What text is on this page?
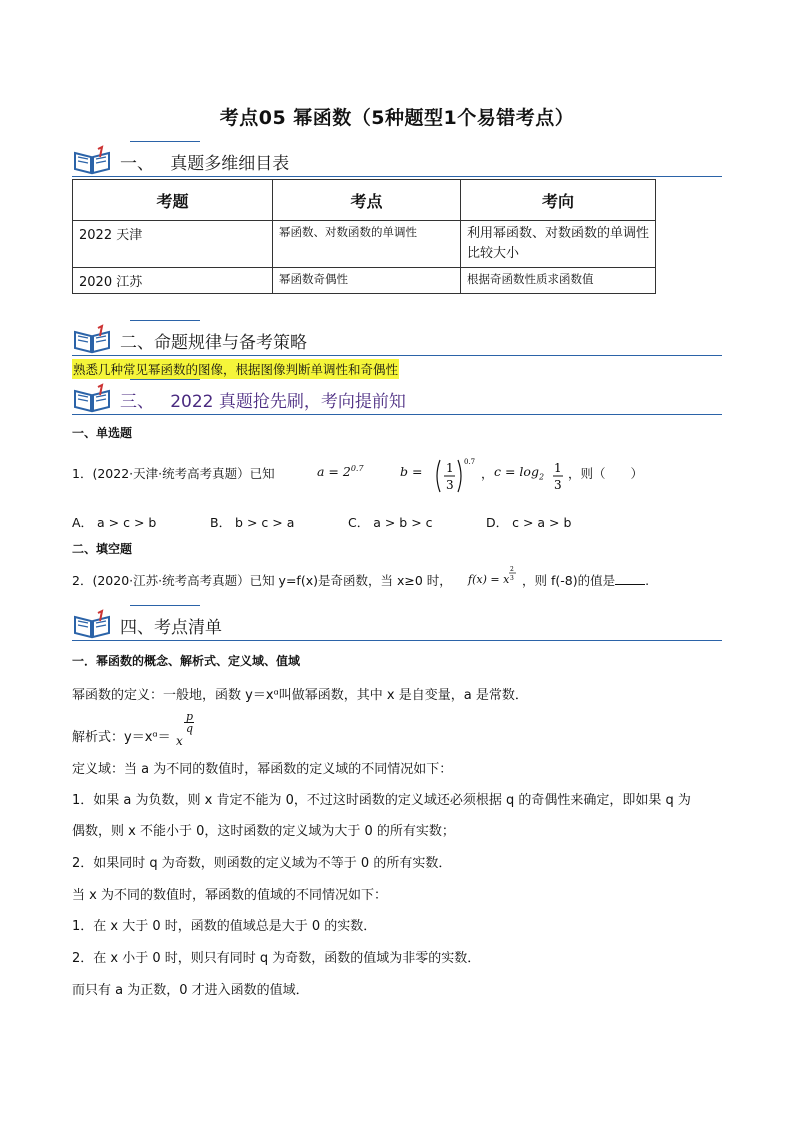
考点05 幂函数（5种题型1个易错考点）
一、 真题多维细目表
考题	考点	考向
2022 天津	幂函数、对数函数的单调性	利用幂函数、对数函数的单调性比较大小
2020 江苏	幂函数奇偶性	根据奇函数性质求函数值
二、命题规律与备考策略
熟悉几种常见幂函数的图像，根据图像判断单调性和奇偶性
三、 2022 真题抢先刷，考向提前知
一、单选题
1．(2022·天津·统考高考真题）已知	$a = 2^{0.7}$	b = 1
3
0.7
， $c = \log_2$
1
3
，则（　　）
A． a > c > b	B． b > c > a	C． a > b > c	D． c > a > b
二、填空题
2．(2020·江苏·统考高考真题）已知 y=f(x)是奇函数，当 x≥0 时， f(x) = x
2
3 ，则 f(-8)的值是 .
四、考点清单
一．幂函数的概念、解析式、定义域、值域
幂函数的定义：一般地，函数 y＝xᵅ叫做幂函数，其中 x 是自变量，a 是常数．
解析式：y＝xᵅ＝ x
p
q
定义域：当 a 为不同的数值时，幂函数的定义域的不同情况如下：
1．如果 a 为负数，则 x 肯定不能为 0，不过这时函数的定义域还必须根据 q 的奇偶性来确定，即如果 q 为
偶数，则 x 不能小于 0，这时函数的定义域为大于 0 的所有实数；
2．如果同时 q 为奇数，则函数的定义域为不等于 0 的所有实数．
当 x 为不同的数值时，幂函数的值域的不同情况如下：
1．在 x 大于 0 时，函数的值域总是大于 0 的实数．
2．在 x 小于 0 时，则只有同时 q 为奇数，函数的值域为非零的实数．
而只有 a 为正数，0 才进入函数的值域．
